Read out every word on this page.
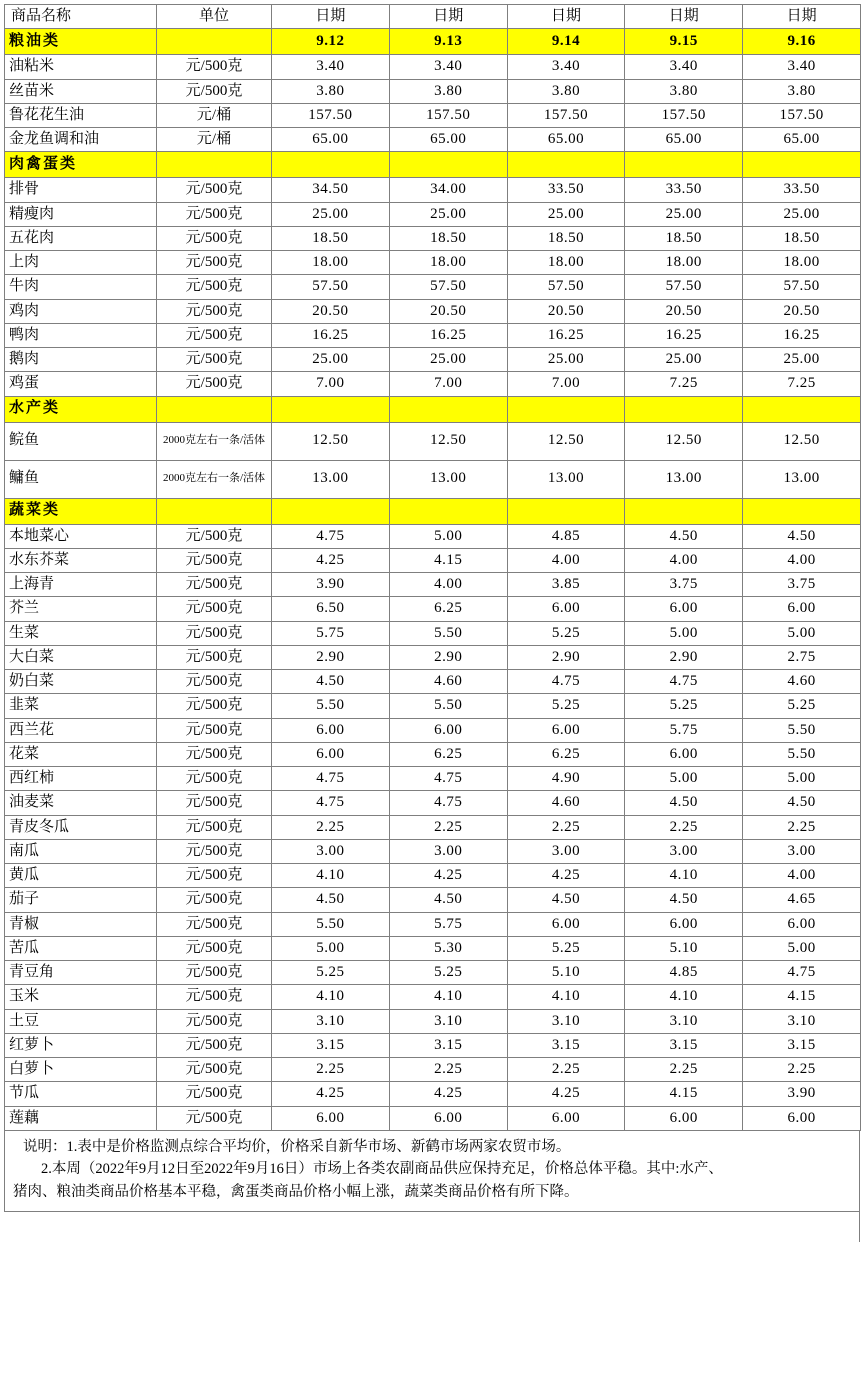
商品名称	单位	日期	日期	日期	日期	日期
粮油类		9.12	9.13	9.14	9.15	9.16
油粘米	元/500克	3.40	3.40	3.40	3.40	3.40
丝苗米	元/500克	3.80	3.80	3.80	3.80	3.80
鲁花花生油	元/桶	157.50	157.50	157.50	157.50	157.50
金龙鱼调和油	元/桶	65.00	65.00	65.00	65.00	65.00
肉禽蛋类						
排骨	元/500克	34.50	34.00	33.50	33.50	33.50
精瘦肉	元/500克	25.00	25.00	25.00	25.00	25.00
五花肉	元/500克	18.50	18.50	18.50	18.50	18.50
上肉	元/500克	18.00	18.00	18.00	18.00	18.00
牛肉	元/500克	57.50	57.50	57.50	57.50	57.50
鸡肉	元/500克	20.50	20.50	20.50	20.50	20.50
鸭肉	元/500克	16.25	16.25	16.25	16.25	16.25
鹅肉	元/500克	25.00	25.00	25.00	25.00	25.00
鸡蛋	元/500克	7.00	7.00	7.00	7.25	7.25
水产类						
鲩鱼	2000克左右一条/活体	12.50	12.50	12.50	12.50	12.50
鳙鱼	2000克左右一条/活体	13.00	13.00	13.00	13.00	13.00
蔬菜类						
本地菜心	元/500克	4.75	5.00	4.85	4.50	4.50
水东芥菜	元/500克	4.25	4.15	4.00	4.00	4.00
上海青	元/500克	3.90	4.00	3.85	3.75	3.75
芥兰	元/500克	6.50	6.25	6.00	6.00	6.00
生菜	元/500克	5.75	5.50	5.25	5.00	5.00
大白菜	元/500克	2.90	2.90	2.90	2.90	2.75
奶白菜	元/500克	4.50	4.60	4.75	4.75	4.60
韭菜	元/500克	5.50	5.50	5.25	5.25	5.25
西兰花	元/500克	6.00	6.00	6.00	5.75	5.50
花菜	元/500克	6.00	6.25	6.25	6.00	5.50
西红柿	元/500克	4.75	4.75	4.90	5.00	5.00
油麦菜	元/500克	4.75	4.75	4.60	4.50	4.50
青皮冬瓜	元/500克	2.25	2.25	2.25	2.25	2.25
南瓜	元/500克	3.00	3.00	3.00	3.00	3.00
黄瓜	元/500克	4.10	4.25	4.25	4.10	4.00
茄子	元/500克	4.50	4.50	4.50	4.50	4.65
青椒	元/500克	5.50	5.75	6.00	6.00	6.00
苦瓜	元/500克	5.00	5.30	5.25	5.10	5.00
青豆角	元/500克	5.25	5.25	5.10	4.85	4.75
玉米	元/500克	4.10	4.10	4.10	4.10	4.15
土豆	元/500克	3.10	3.10	3.10	3.10	3.10
红萝卜	元/500克	3.15	3.15	3.15	3.15	3.15
白萝卜	元/500克	2.25	2.25	2.25	2.25	2.25
节瓜	元/500克	4.25	4.25	4.25	4.15	3.90
莲藕	元/500克	6.00	6.00	6.00	6.00	6.00

说明：1.表中是价格监测点综合平均价，价格采自新华市场、新鹤市场两家农贸市场。

2.本周（2022年9月12日至2022年9月16日）市场上各类农副商品供应保持充足，价格总体平稳。其中:水产、

猪肉、粮油类商品价格基本平稳，禽蛋类商品价格小幅上涨，蔬菜类商品价格有所下降。
